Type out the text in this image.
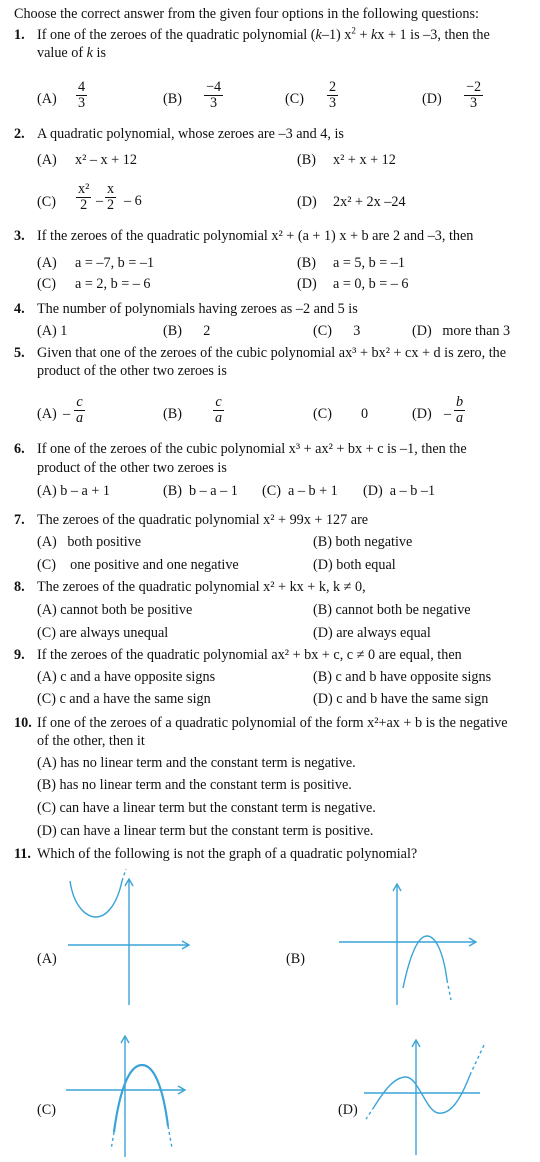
Choose the correct answer from the given four options in the following questions:
1. If one of the zeroes of the quadratic polynomial (k–1) $x^2$ + kx + 1 is –3, then the
value of k is
$(A) \frac{4}{3}$	$(B) \frac{-4}{3}$	$(C) \frac{2}{3}$	$(D) \frac{-2}{3}$
2. A quadratic polynomial, whose zeroes are –3 and 4, is
(A) x² – x + 12	(B) x² + x + 12
$(C) \frac{\text{x²}}{2} - \frac{x}{2} - 6$	(D) 2x² + 2x –24
3. If the zeroes of the quadratic polynomial x² + (a + 1) x + b are 2 and –3, then
(A) a = –7, b = –1	(B) a = 5, b = –1
(C) a = 2, b = – 6	(D) a = 0, b = – 6
4. The number of polynomials having zeroes as –2 and 5 is
(A) 1	(B)      2	(C)      3	(D)   more than 3
5. Given that one of the zeroes of the cubic polynomial ax³ + bx² + cx + d is zero, the
product of the other two zeroes is
$(A) - \frac{c}{a}$	$(B) \frac{c}{a}$	(C) 0	$(D) - \frac{b}{a}$
6. If one of the zeroes of the cubic polynomial x³ + ax² + bx + c is –1, then the
product of the other two zeroes is
(A) b – a + 1	(B)  b – a – 1 (C)  a – b + 1 (D)  a – b –1
7. The zeroes of the quadratic polynomial x² + 99x + 127 are
(A)   both positive	(B) both negative
(C)    one positive and one negative	(D) both equal
8. The zeroes of the quadratic polynomial x² + kx + k, k ≠ 0,
(A) cannot both be positive	(B) cannot both be negative
(C) are always unequal	(D) are always equal
9. If the zeroes of the quadratic polynomial ax² + bx + c, c ≠ 0 are equal, then
(A) c and a have opposite signs	(B) c and b have opposite signs
(C) c and a have the same sign	(D) c and b have the same sign
10. If one of the zeroes of a quadratic polynomial of the form x²+ax + b is the negative
of the other, then it
(A) has no linear term and the constant term is negative.
(B) has no linear term and the constant term is positive.
(C) can have a linear term but the constant term is negative.
(D) can have a linear term but the constant term is positive.
11. Which of the following is not the graph of a quadratic polynomial?
(A)	(B)
(C)	(D)
